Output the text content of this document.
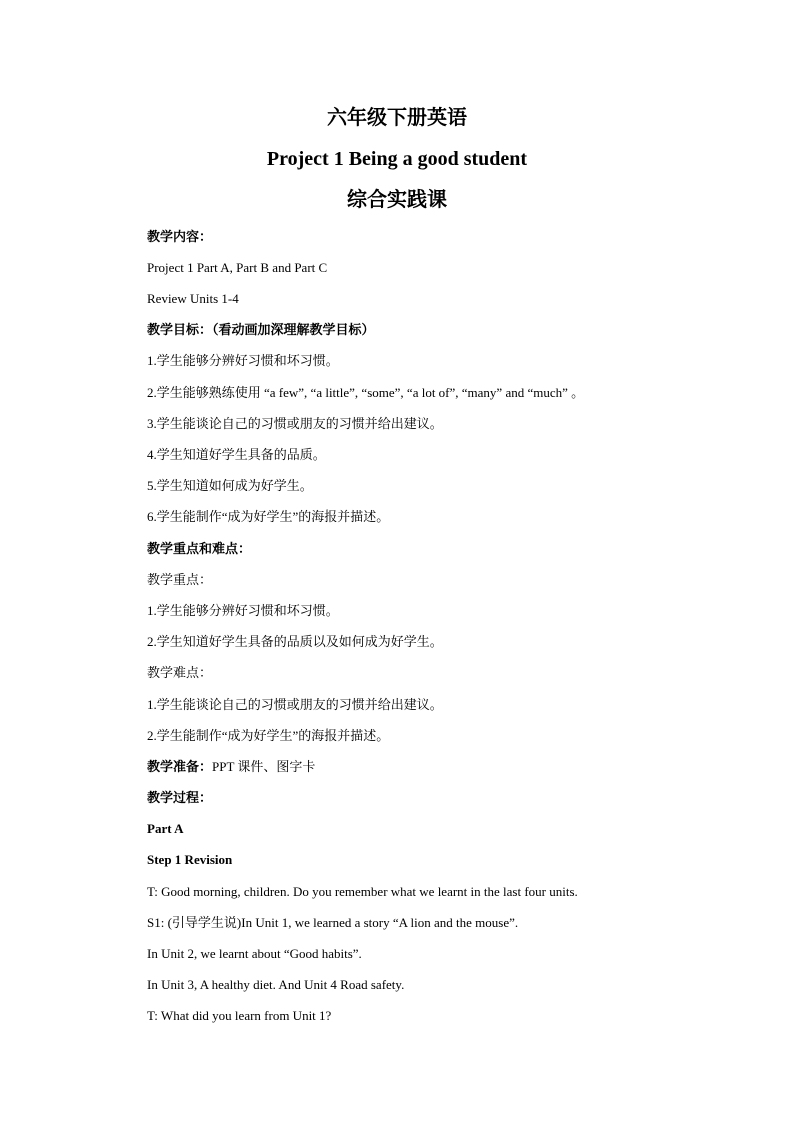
六年级下册英语
Project 1 Being a good student
综合实践课
教学内容：
Project 1 Part A, Part B and Part C
Review Units 1-4
教学目标：（看动画加深理解教学目标）
1.学生能够分辨好习惯和坏习惯。
2.学生能够熟练使用 “a few”, “a little”, “some”, “a lot of”, “many” and “much” 。
3.学生能谈论自己的习惯或朋友的习惯并给出建议。
4.学生知道好学生具备的品质。
5.学生知道如何成为好学生。
6.学生能制作“成为好学生”的海报并描述。
教学重点和难点：
教学重点：
1.学生能够分辨好习惯和坏习惯。
2.学生知道好学生具备的品质以及如何成为好学生。
教学难点：
1.学生能谈论自己的习惯或朋友的习惯并给出建议。
2.学生能制作“成为好学生”的海报并描述。
教学准备：PPT 课件、图字卡
教学过程：
Part A
Step 1 Revision
T: Good morning, children. Do you remember what we learnt in the last four units.
S1: (引导学生说)In Unit 1, we learned a story “A lion and the mouse”.
In Unit 2, we learnt about “Good habits”.
In Unit 3, A healthy diet. And Unit 4 Road safety.
T: What did you learn from Unit 1?
